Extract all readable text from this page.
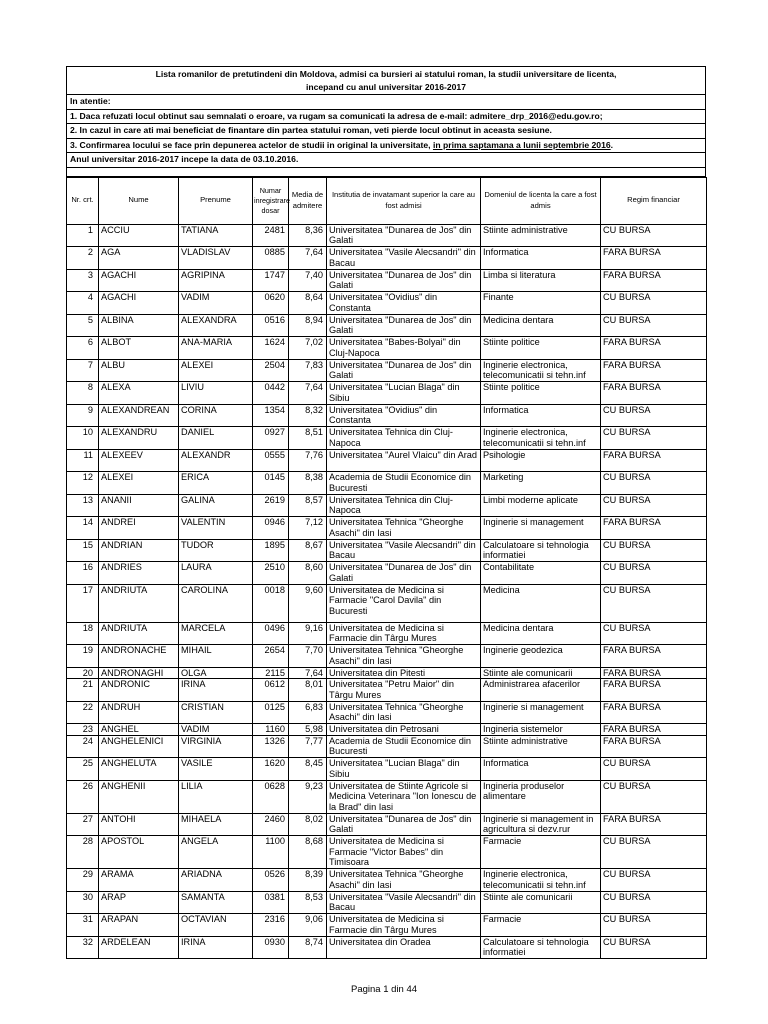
Lista romanilor de pretutindeni din Moldova, admisi ca bursieri ai statului roman, la studii universitare de licenta,
incepand cu anul universitar 2016-2017
In atentie:
1. Daca refuzati locul obtinut sau semnalati o eroare, va rugam sa comunicati la adresa de e-mail: admitere_drp_2016@edu.gov.ro;
2. In cazul in care ati mai beneficiat de finantare din partea statului roman, veti pierde locul obtinut in aceasta sesiune.
3. Confirmarea locului se face prin depunerea actelor de studii in original la universitate, in prima saptamana a lunii septembrie 2016.
Anul universitar 2016-2017 incepe la data de 03.10.2016.

Nr. crt.	Nume	Prenume	Numar inregistrare dosar	Media de admitere	Institutia de invatamant superior la care au fost admisi	Domeniul de licenta la care a fost admis	Regim financiar
1	ACCIU	TATIANA	2481	8,36	Universitatea "Dunarea de Jos" din Galati	Stiinte administrative	CU BURSA
2	AGA	VLADISLAV	0885	7,64	Universitatea "Vasile Alecsandri" din Bacau	Informatica	FARA BURSA
3	AGACHI	AGRIPINA	1747	7,40	Universitatea "Dunarea de Jos" din Galati	Limba si literatura	FARA BURSA
4	AGACHI	VADIM	0620	8,64	Universitatea "Ovidius" din Constanta	Finante	CU BURSA
5	ALBINA	ALEXANDRA	0516	8,94	Universitatea "Dunarea de Jos" din Galati	Medicina dentara	CU BURSA
6	ALBOT	ANA-MARIA	1624	7,02	Universitatea "Babes-Bolyai" din Cluj-Napoca	Stiinte politice	FARA BURSA
7	ALBU	ALEXEI	2504	7,83	Universitatea "Dunarea de Jos" din Galati	Inginerie electronica, telecomunicatii si tehn.inf	FARA BURSA
8	ALEXA	LIVIU	0442	7,64	Universitatea "Lucian Blaga" din Sibiu	Stiinte politice	FARA BURSA
9	ALEXANDREAN	CORINA	1354	8,32	Universitatea "Ovidius" din Constanta	Informatica	CU BURSA
10	ALEXANDRU	DANIEL	0927	8,51	Universitatea Tehnica din Cluj-Napoca	Inginerie electronica, telecomunicatii si tehn.inf	CU BURSA
11	ALEXEEV	ALEXANDR	0555	7,76	Universitatea "Aurel Vlaicu" din Arad	Psihologie	FARA BURSA
12	ALEXEI	ERICA	0145	8,38	Academia de Studii Economice din Bucuresti	Marketing	CU BURSA
13	ANANII	GALINA	2619	8,57	Universitatea Tehnica din Cluj-Napoca	Limbi moderne aplicate	CU BURSA
14	ANDREI	VALENTIN	0946	7,12	Universitatea Tehnica "Gheorghe Asachi" din Iasi	Inginerie si management	FARA BURSA
15	ANDRIAN	TUDOR	1895	8,67	Universitatea "Vasile Alecsandri" din Bacau	Calculatoare si tehnologia informatiei	CU BURSA
16	ANDRIES	LAURA	2510	8,60	Universitatea "Dunarea de Jos" din Galati	Contabilitate	CU BURSA
17	ANDRIUTA	CAROLINA	0018	9,60	Universitatea de Medicina si Farmacie "Carol Davila" din Bucuresti	Medicina	CU BURSA
18	ANDRIUTA	MARCELA	0496	9,16	Universitatea de Medicina si Farmacie din Târgu Mures	Medicina dentara	CU BURSA
19	ANDRONACHE	MIHAIL	2654	7,70	Universitatea Tehnica "Gheorghe Asachi" din Iasi	Inginerie geodezica	FARA BURSA
20	ANDRONAGHI	OLGA	2115	7,64	Universitatea din Pitesti	Stiinte ale comunicarii	FARA BURSA
21	ANDRONIC	IRINA	0612	8,01	Universitatea "Petru Maior" din Târgu Mures	Administrarea afacerilor	FARA BURSA
22	ANDRUH	CRISTIAN	0125	6,83	Universitatea Tehnica "Gheorghe Asachi" din Iasi	Inginerie si management	FARA BURSA
23	ANGHEL	VADIM	1160	5,98	Universitatea din Petrosani	Ingineria sistemelor	FARA BURSA
24	ANGHELENICI	VIRGINIA	1326	7,77	Academia de Studii Economice din Bucuresti	Stiinte administrative	FARA BURSA
25	ANGHELUTA	VASILE	1620	8,45	Universitatea "Lucian Blaga" din Sibiu	Informatica	CU BURSA
26	ANGHENII	LILIA	0628	9,23	Universitatea de Stiinte Agricole si Medicina Veterinara "Ion Ionescu de la Brad" din Iasi	Ingineria produselor alimentare	CU BURSA
27	ANTOHI	MIHAELA	2460	8,02	Universitatea "Dunarea de Jos" din Galati	Inginerie si management in agricultura si dezv.rur	FARA BURSA
28	APOSTOL	ANGELA	1100	8,68	Universitatea de Medicina si Farmacie "Victor Babes" din Timisoara	Farmacie	CU BURSA
29	ARAMA	ARIADNA	0526	8,39	Universitatea Tehnica "Gheorghe Asachi" din Iasi	Inginerie electronica, telecomunicatii si tehn.inf	CU BURSA
30	ARAP	SAMANTA	0381	8,53	Universitatea "Vasile Alecsandri" din Bacau	Stiinte ale comunicarii	CU BURSA
31	ARAPAN	OCTAVIAN	2316	9,06	Universitatea de Medicina si Farmacie din Târgu Mures	Farmacie	CU BURSA
32	ARDELEAN	IRINA	0930	8,74	Universitatea din Oradea	Calculatoare si tehnologia informatiei	CU BURSA
Pagina 1 din 44
